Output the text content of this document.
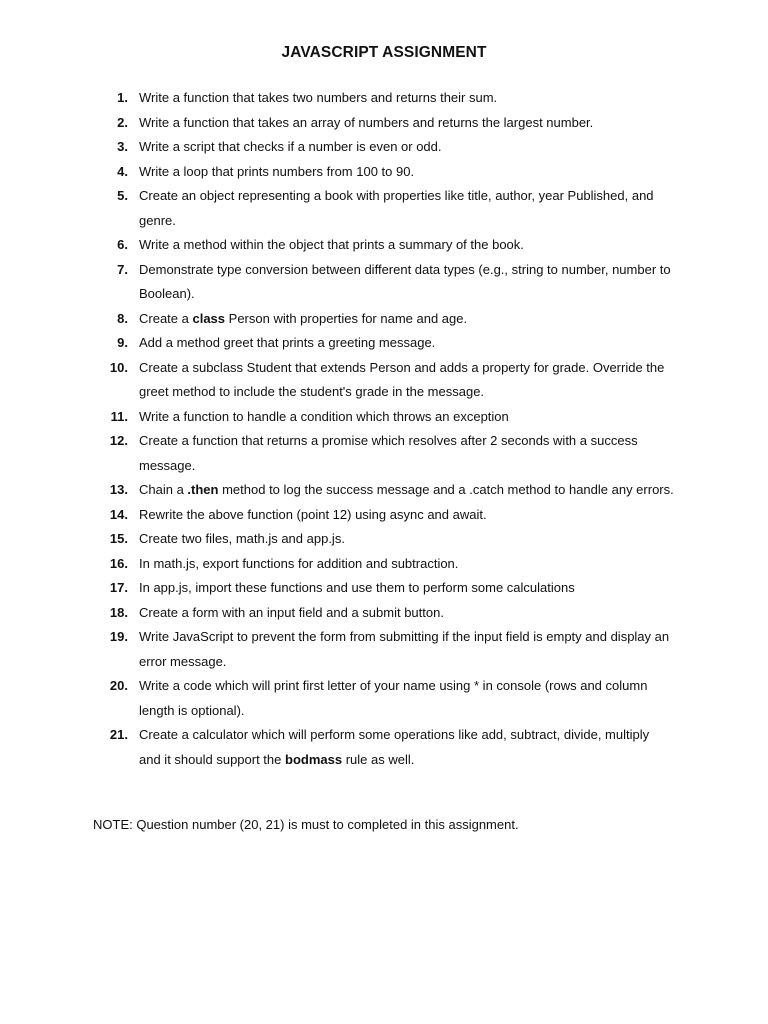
JAVASCRIPT ASSIGNMENT
1. Write a function that takes two numbers and returns their sum.
2. Write a function that takes an array of numbers and returns the largest number.
3. Write a script that checks if a number is even or odd.
4. Write a loop that prints numbers from 100 to 90.
5. Create an object representing a book with properties like title, author, year Published, and genre.
6. Write a method within the object that prints a summary of the book.
7. Demonstrate type conversion between different data types (e.g., string to number, number to Boolean).
8. Create a class Person with properties for name and age.
9. Add a method greet that prints a greeting message.
10. Create a subclass Student that extends Person and adds a property for grade. Override the greet method to include the student's grade in the message.
11. Write a function to handle a condition which throws an exception
12. Create a function that returns a promise which resolves after 2 seconds with a success message.
13. Chain a .then method to log the success message and a .catch method to handle any errors.
14. Rewrite the above function (point 12) using async and await.
15. Create two files, math.js and app.js.
16. In math.js, export functions for addition and subtraction.
17. In app.js, import these functions and use them to perform some calculations
18. Create a form with an input field and a submit button.
19. Write JavaScript to prevent the form from submitting if the input field is empty and display an error message.
20. Write a code which will print first letter of your name using * in console (rows and column length is optional).
21. Create a calculator which will perform some operations like add, subtract, divide, multiply and it should support the bodmass rule as well.
NOTE: Question number (20, 21) is must to completed in this assignment.
